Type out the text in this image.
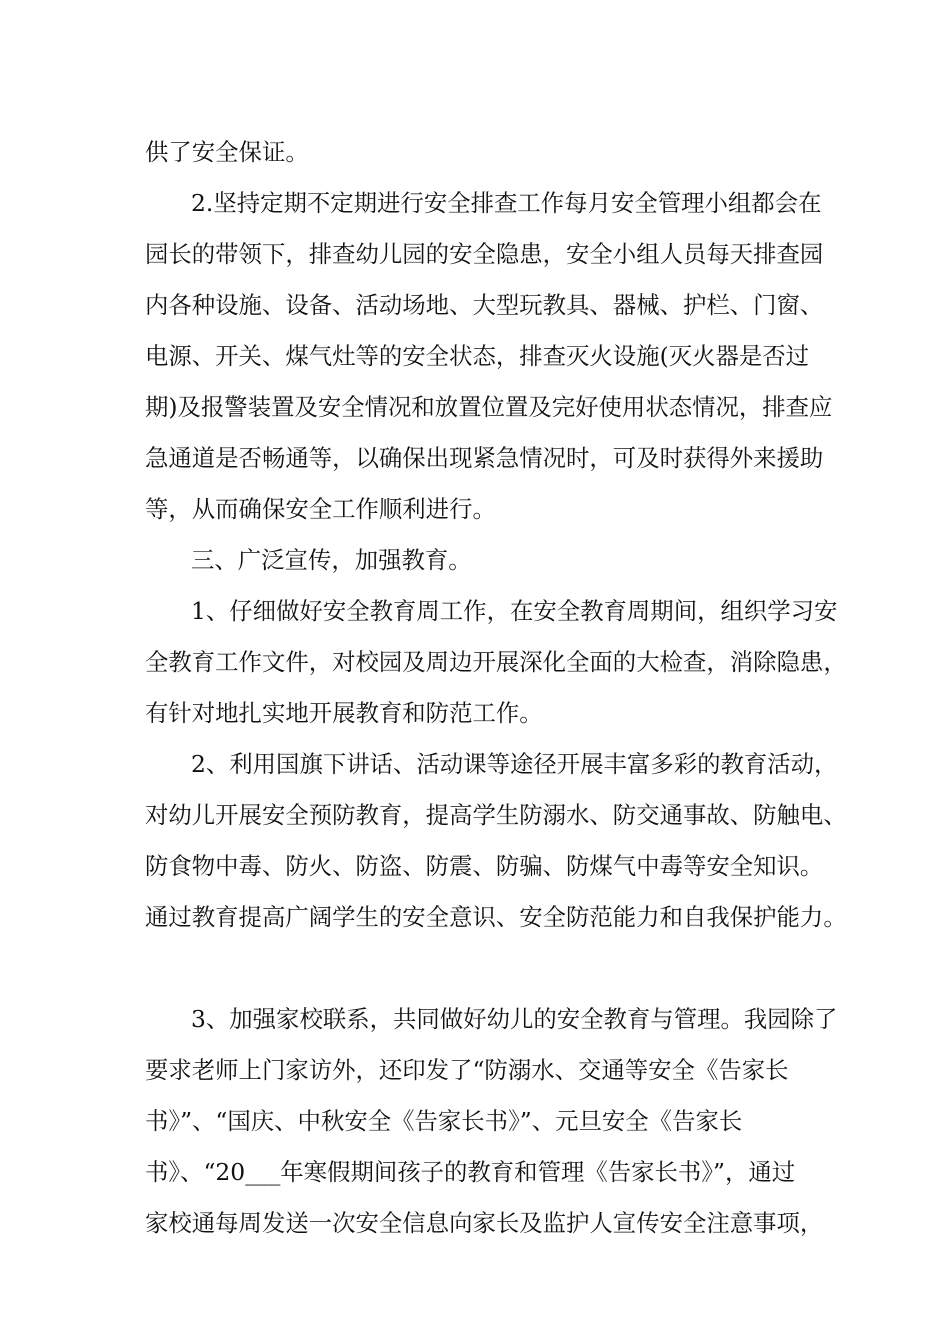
供了安全保证。
2.坚持定期不定期进行安全排查工作每月安全管理小组都会在
园长的带领下，排查幼儿园的安全隐患，安全小组人员每天排查园
内各种设施、设备、活动场地、大型玩教具、器械、护栏、门窗、
电源、开关、煤气灶等的安全状态，排查灭火设施(灭火器是否过
期)及报警装置及安全情况和放置位置及完好使用状态情况，排查应
急通道是否畅通等，以确保出现紧急情况时，可及时获得外来援助
等，从而确保安全工作顺利进行。
三、广泛宣传，加强教育。
1、仔细做好安全教育周工作，在安全教育周期间，组织学习安
全教育工作文件，对校园及周边开展深化全面的大检查，消除隐患，
有针对地扎实地开展教育和防范工作。
2、利用国旗下讲话、活动课等途径开展丰富多彩的教育活动，
对幼儿开展安全预防教育，提高学生防溺水、防交通事故、防触电、
防食物中毒、防火、防盗、防震、防骗、防煤气中毒等安全知识。
通过教育提高广阔学生的安全意识、安全防范能力和自我保护能力。
3、加强家校联系，共同做好幼儿的安全教育与管理。我园除了
要求老师上门家访外，还印发了“防溺水、交通等安全《告家长
书》”、“国庆、中秋安全《告家长书》”、元旦安全《告家长
书》、“20___年寒假期间孩子的教育和管理《告家长书》”，通过
家校通每周发送一次安全信息向家长及监护人宣传安全注意事项，
